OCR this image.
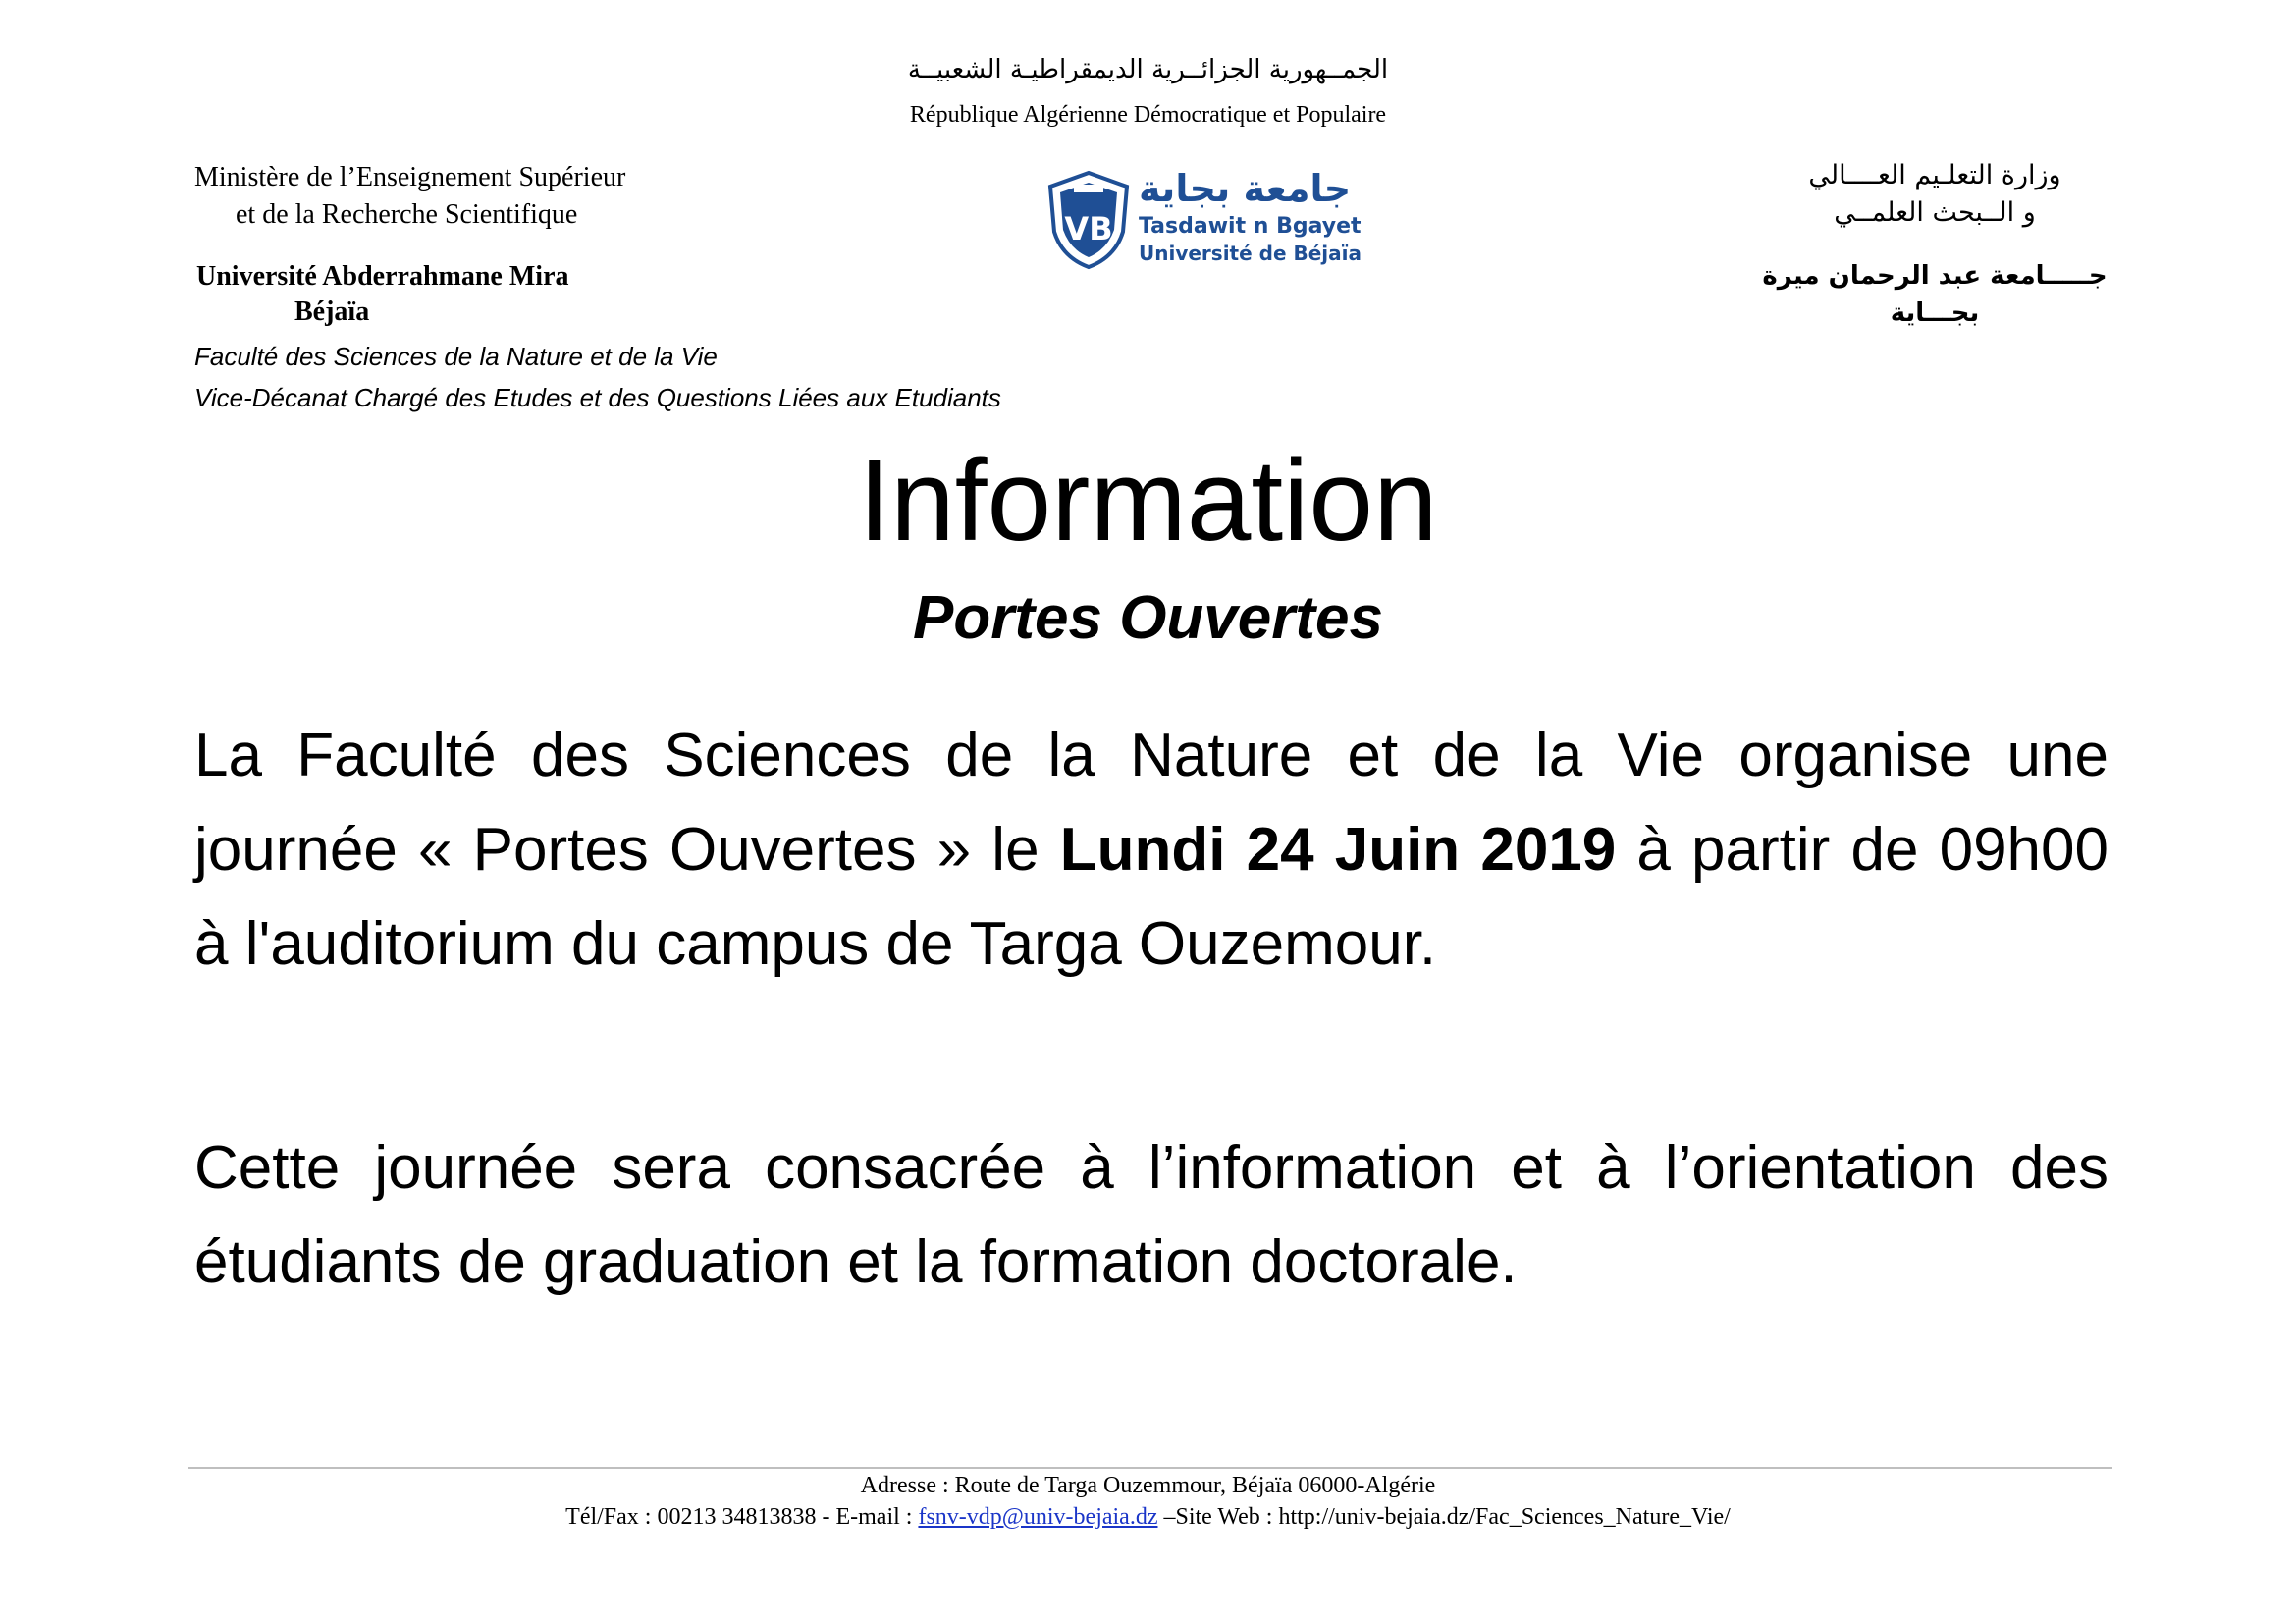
الجمــهورية الجزائــرية الديمقراطيـة الشعبيــة
République Algérienne Démocratique et Populaire
Ministère de l’Enseignement Supérieur
et de la Recherche Scientifique
Université Abderrahmane Mira
Béjaïa
Faculté des Sciences de la Nature et de la Vie
Vice-Décanat Chargé des Etudes et des Questions Liées aux Etudiants
وزارة التعلـيم العــــالي
و الــبحث العلمــي
جـــــامعة عبد الرحمان ميرة
بجـــاية
VB
جامعة بجاية
Tasdawit n Bgayet
Université de Béjaïa
Information
Portes Ouvertes
La Faculté des Sciences de la Nature et de la Vie organise une journée « Portes Ouvertes » le Lundi 24 Juin 2019 à partir de 09h00 à l'auditorium du campus de Targa Ouzemour.
Cette journée sera consacrée à l’information et à l’orientation des étudiants de graduation et la formation doctorale.
Adresse : Route de Targa Ouzemmour, Béjaïa 06000-Algérie
Tél/Fax : 00213 34813838 - E-mail : fsnv-vdp@univ-bejaia.dz –Site Web : http://univ-bejaia.dz/Fac_Sciences_Nature_Vie/
